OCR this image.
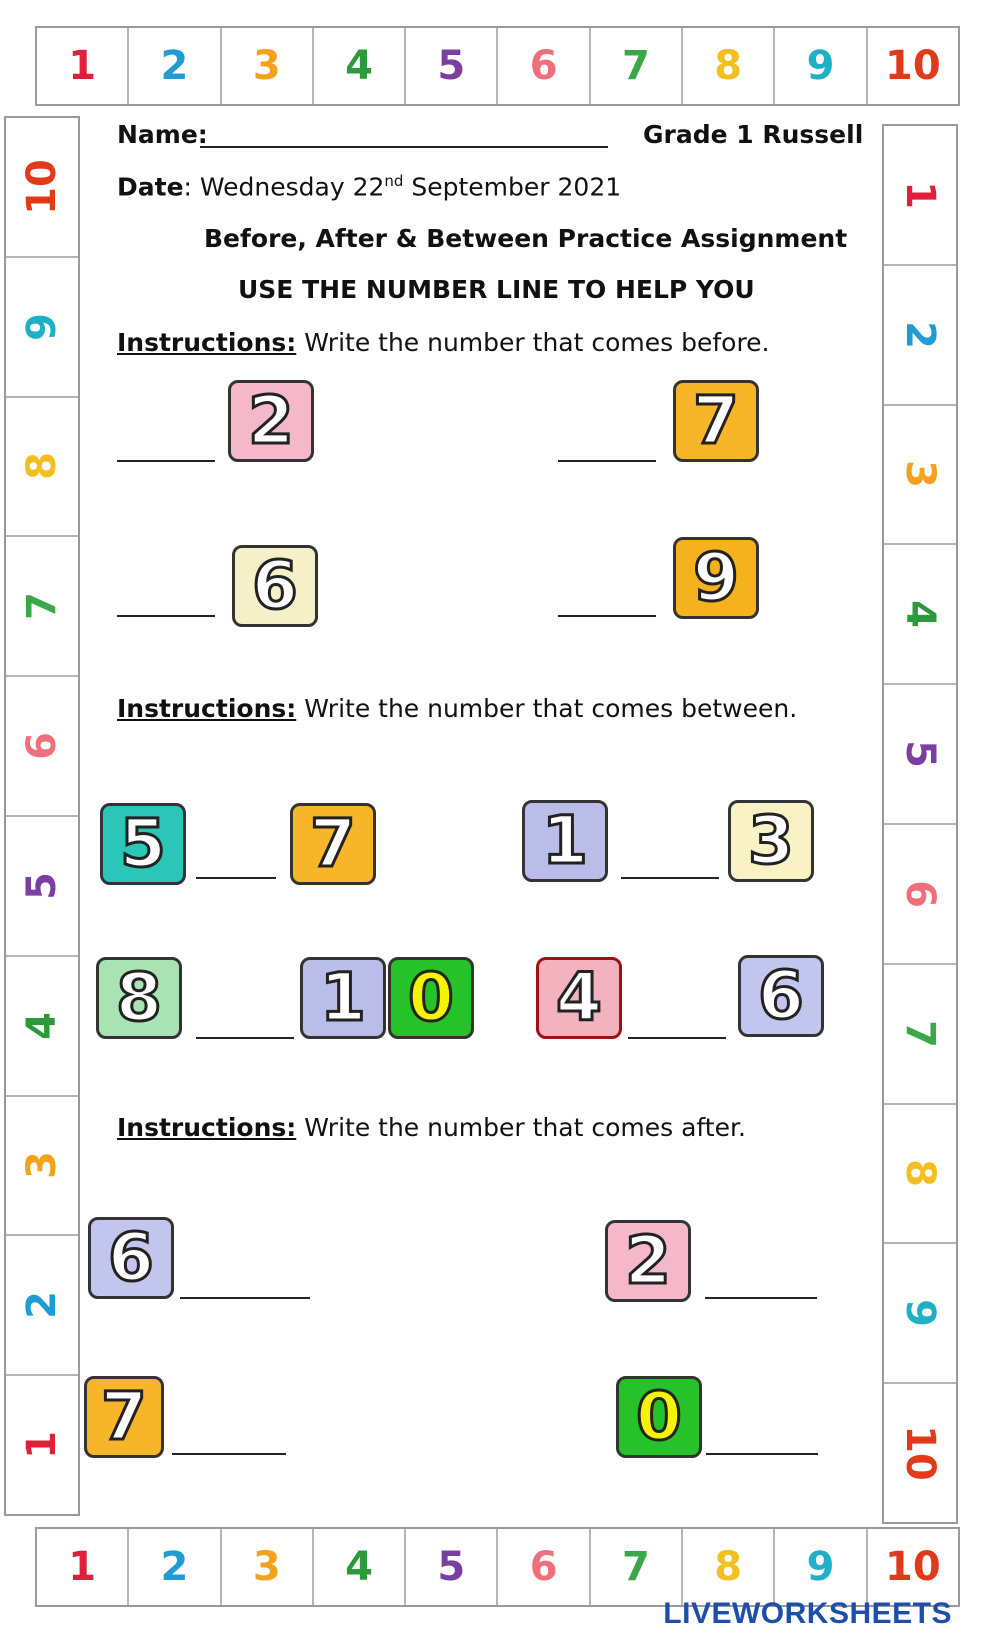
1 2 3 4 5 6 7 8 9 10
10
9
8
7
6
5
4
3
2
1
1
2
3
4
5
6
7
8
9
10
1 2 3 4 5 6 7 8 9 10
Name:	Grade 1 Russell
Date: Wednesday 22nd September 2021
Before, After & Between Practice Assignment
USE THE NUMBER LINE TO HELP YOU
Instructions: Write the number that comes before.
2	7
6	9
Instructions: Write the number that comes between.
5 7	1 3
8 1 0 4 6
Instructions: Write the number that comes after.
6	2
7	0
LIVEWORKSHEETS
